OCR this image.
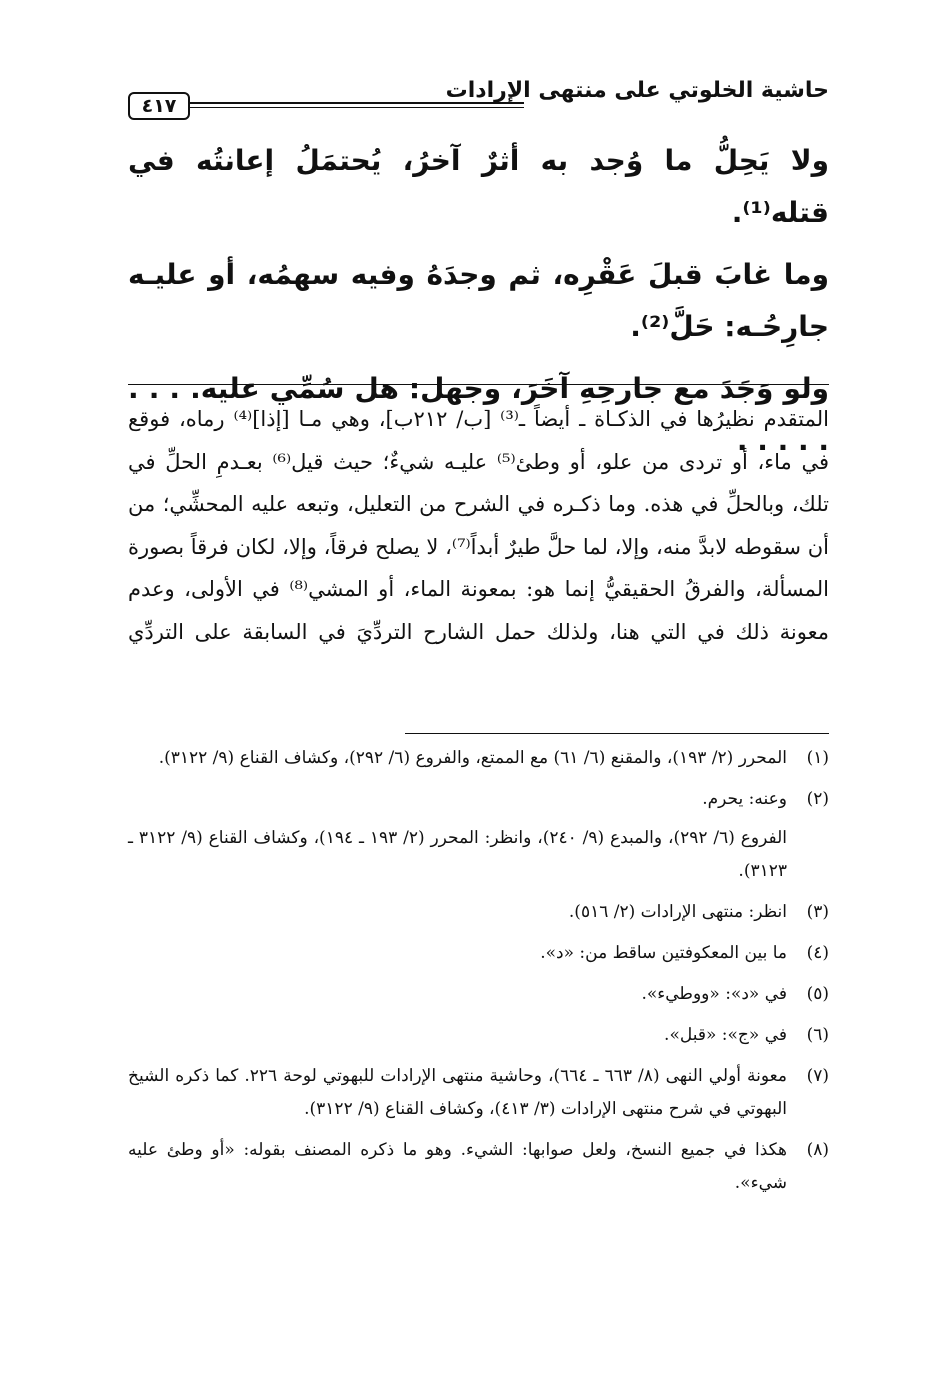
حاشية الخلوتي على منتهى الإرادات
٤١٧

ولا يَحِلُّ ما وُجد به أثرٌ آخرُ، يُحتمَلُ إعانتُه في قتله⁽¹⁾.

وما غابَ قبلَ عَقْرِه، ثم وجدَهُ وفيه سهمُه، أو عليـه جارِحُـه: حَلَّ⁽²⁾.

ولو وَجَدَ مع جارحِهِ آخَرَ، وجهل: هل سُمِّي عليه. . . . . . . . .

المتقدم نظيرُها في الذكـاة ـ أيضاً ـ⁽³⁾ [ب/ ٢١٢ب]، وهي مـا [إذا]⁽⁴⁾ رماه، فوقع في ماء، أو تردى من علو، أو وطئ⁽⁵⁾ عليـه شيءٌ؛ حيث قيل⁽⁶⁾ بعـدمِ الحلِّ في تلك، وبالحلِّ في هذه. وما ذكـره في الشرح من التعليل، وتبعه عليه المحشِّي؛ من أن سقوطه لابدَّ منه، وإلا، لما حلَّ طيرٌ أبداً⁽⁷⁾، لا يصلح فرقاً، وإلا، لكان فرقاً بصورة المسألة، والفرقُ الحقيقيُّ إنما هو: بمعونة الماء، أو المشي⁽⁸⁾ في الأولى، وعدم معونة ذلك في التي هنا، ولذلك حمل الشارح التردِّيَ في السابقة على التردِّي

(١)
المحرر (٢/ ١٩٣)، والمقنع (٦/ ٦١) مع الممتع، والفروع (٦/ ٢٩٢)، وكشاف القناع (٩/ ٣١٢٢).
(٢)
وعنه: يحرم.
الفروع (٦/ ٢٩٢)، والمبدع (٩/ ٢٤٠)، وانظر: المحرر (٢/ ١٩٣ ـ ١٩٤)، وكشاف القناع (٩/ ٣١٢٢ ـ ٣١٢٣).
(٣)
انظر: منتهى الإرادات (٢/ ٥١٦).
(٤)
ما بين المعكوفتين ساقط من: «د».
(٥)
في «د»: «ووطيء».
(٦)
في «ج»: «قبل».
(٧)
معونة أولي النهى (٨/ ٦٦٣ ـ ٦٦٤)، وحاشية منتهى الإرادات للبهوتي لوحة ٢٢٦. كما ذكره الشيخ البهوتي في شرح منتهى الإرادات (٣/ ٤١٣)، وكشاف القناع (٩/ ٣١٢٢).
(٨)
هكذا في جميع النسخ، ولعل صوابها: الشيء. وهو ما ذكره المصنف بقوله: «أو وطئ عليه شيء».
